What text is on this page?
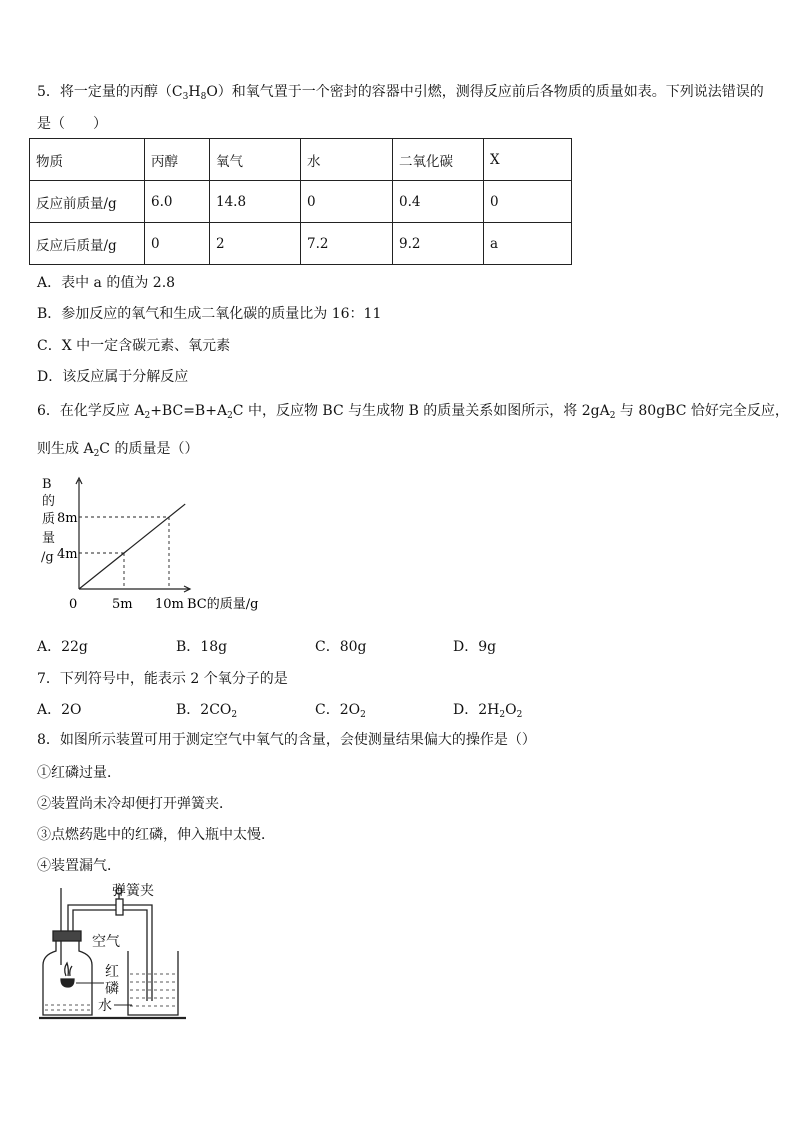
5．将一定量的丙醇$(C_3H_8O)$和氧气置于一个密封的容器中引燃，测得反应前后各物质的质量如表。下列说法错误的
是（　　）
物质	丙醇	氧气	水	二氧化碳	X
反应前质量/g	6.0	14.8	0	0.4	0
反应后质量/g	0	2	7.2	9.2	a
A．表中 a 的值为 2.8
B．参加反应的氧气和生成二氧化碳的质量比为 16：11
C．X 中一定含碳元素、氧元素
D．该反应属于分解反应
6．在化学反应 $A_2+BC=B+A_2C$ 中，反应物 BC 与生成物 B 的质量关系如图所示，将 $2gA_2$ 与 80gBC 恰好完全反应，
则生成 $A_2C$ 的质量是（）
B
的
质
量
/g
5m 10m
4m
8m
0	BC的质量/g
A．22g	B．18g	C．80g	D．9g
7．下列符号中，能表示 2 个氧分子的是
A．2O	B．$2CO_2$	C．$2O_2$	D．$2H_2O_2$
8．如图所示装置可用于测定空气中氧气的含量，会使测量结果偏大的操作是（）
①红磷过量．
②装置尚未冷却便打开弹簧夹．
③点燃药匙中的红磷，伸入瓶中太慢．
④装置漏气．
弹簧夹
空气
红
磷
水
